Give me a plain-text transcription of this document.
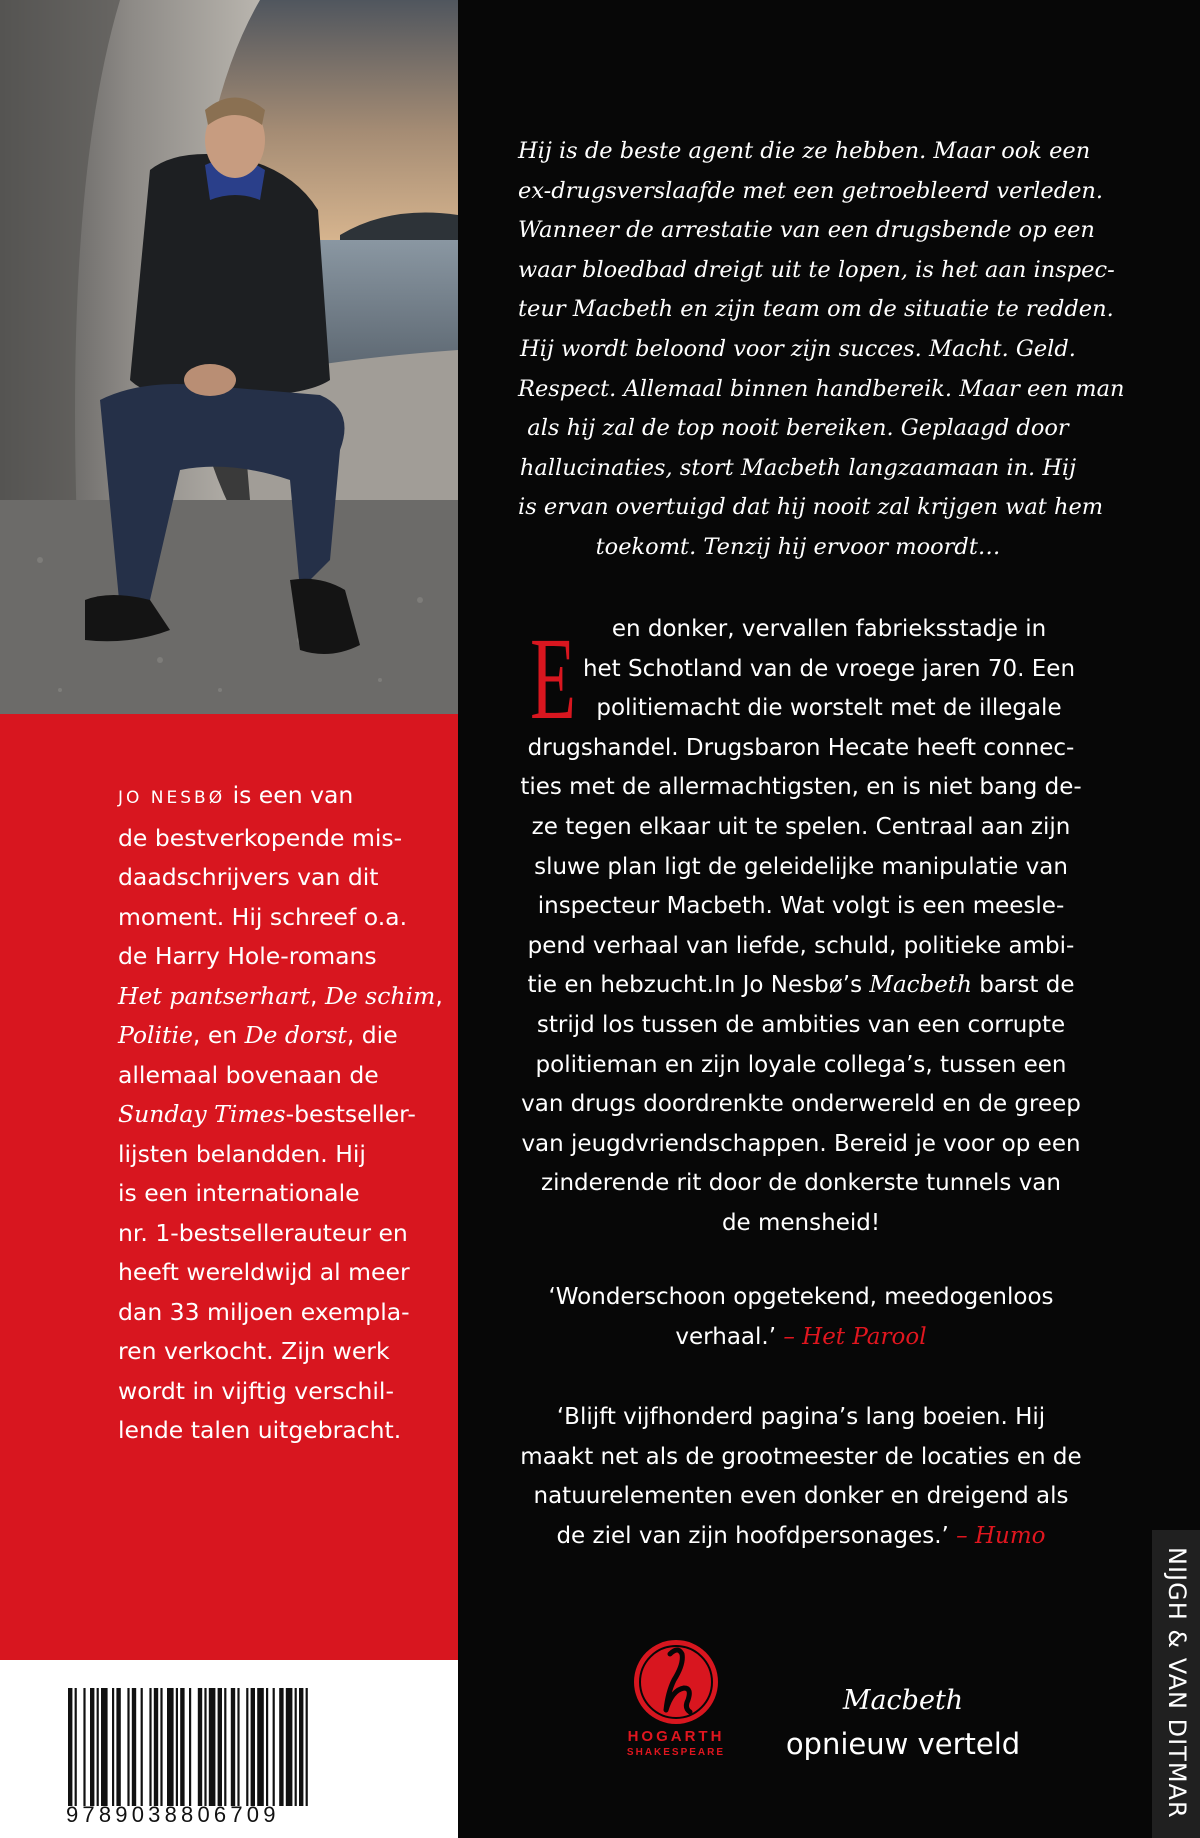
JO NESBØ is een van
de bestverkopende mis-
daadschrijvers van dit
moment. Hij schreef o.a.
de Harry Hole-romans
Het pantserhart, De schim,
Politie, en De dorst, die
allemaal bovenaan de
Sunday Times-bestseller-
lijsten belandden. Hij
is een internationale
nr. 1-bestsellerauteur en
heeft wereldwijd al meer
dan 33 miljoen exempla-
ren verkocht. Zijn werk
wordt in vijftig verschil-
lende talen uitgebracht.
9789038806709
Hij is de beste agent die ze hebben. Maar ook een
ex-drugsverslaafde met een getroebleerd verleden.
Wanneer de arrestatie van een drugsbende op een
waar bloedbad dreigt uit te lopen, is het aan inspec-
teur Macbeth en zijn team om de situatie te redden.
Hij wordt beloond voor zijn succes. Macht. Geld.
Respect. Allemaal binnen handbereik. Maar een man
als hij zal de top nooit bereiken. Geplaagd door
hallucinaties, stort Macbeth langzaamaan in. Hij
is ervan overtuigd dat hij nooit zal krijgen wat hem
toekomt. Tenzij hij ervoor moordt…
E	en donker, vervallen fabrieksstadje in
het Schotland van de vroege jaren 70. Een
politiemacht die worstelt met de illegale
drugshandel. Drugsbaron Hecate heeft connec-
ties met de allermachtigsten, en is niet bang de-
ze tegen elkaar uit te spelen. Centraal aan zijn
sluwe plan ligt de geleidelijke manipulatie van
inspecteur Macbeth. Wat volgt is een meesle-
pend verhaal van liefde, schuld, politieke ambi-
tie en hebzucht.In Jo Nesbø’s Macbeth barst de
strijd los tussen de ambities van een corrupte
politieman en zijn loyale collega’s, tussen een
van drugs doordrenkte onderwereld en de greep
van jeugdvriendschappen. Bereid je voor op een
zinderende rit door de donkerste tunnels van
de mensheid!
‘Wonderschoon opgetekend, meedogenloos
verhaal.’ – Het Parool
‘Blijft vijfhonderd pagina’s lang boeien. Hij
maakt net als de grootmeester de locaties en de
natuurelementen even donker en dreigend als
de ziel van zijn hoofdpersonages.’ – Humo
HOGARTH
SHAKESPEARE
Macbeth
opnieuw verteld	NIJGH & VAN DITMAR
